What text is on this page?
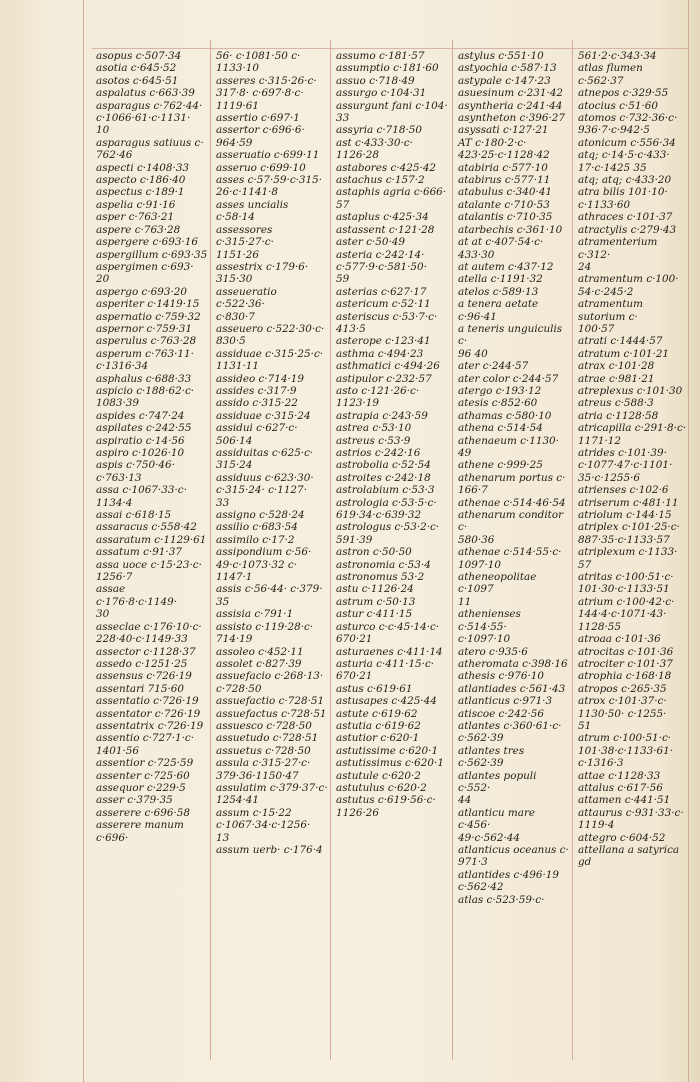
asopus c·507·34

asotia c·645·52

asotos c·645·51

aspalatus c·663·39

asparagus c·762·44·

c·1066·61·c·1131·

10

asparagus satiuus c·

762·46

aspecti c·1408·33

aspecto c·186·40

aspectus c·189·1

aspelia c·91·16

asper c·763·21

aspere c·763·28

aspergere c·693·16

aspergillum c·693·35

aspergimen c·693·

20

aspergo c·693·20

asperiter c·1419·15

aspernatio c·759·32

aspernor c·759·31

asperulus c·763·28

asperum c·763·11·

c·1316·34

asphalus c·688·33

aspicio c·188·62·c·

1083·39

aspides c·747·24

aspilates c·242·55

aspiratio c·14·56

aspiro c·1026·10

aspis c·750·46·

c·763·13

assa c·1067·33·c·

1134·4

assai c·618·15

assaracus c·558·42

assaratum c·1129·61

assatum c·91·37

assa uoce c·15·23·c·

1256·7

assae c·176·8·c·1149·

30

asseclae c·176·10·c·

228·40·c·1149·33

assector c·1128·37

assedo c·1251·25

assensus c·726·19

assentari 715·60

assentatio c·726·19

assentator c·726·19

assentatrix c·726·19

assentio c·727·1·c·

1401·56

assentior c·725·59

assenter c·725·60

assequor c·229·5

asser c·379·35

asserere c·696·58

asserere manum c·696·

56· c·1081·50 c·

1133·10

asseres c·315·26·c·

317·8· c·697·8·c·

1119·61

assertio c·697·1

assertor c·696·6·

964·59

asseruatio c·699·11

asseruo c·699·10

asses c·57·59·c·315·

26·c·1141·8

asses uncialis c·58·14

assessores c·315·27·c·

1151·26

assestrix c·179·6·

315·30

asseueratio c·522·36·

c·830·7

asseuero c·522·30·c·

830·5

assiduae c·315·25·c·

1131·11

assideo c·714·19

assides c·317·9

assido c·315·22

assiduae c·315·24

assidui c·627·c·

506·14

assiduitas c·625·c·

315·24

assiduus c·623·30·

c·315·24· c·1127·

33

assigno c·528·24

assilio c·683·54

assimilo c·17·2

assipondium c·56·

49·c·1073·32 c·

1147·1

assis c·56·44· c·379·

35

assisia c·791·1

assisto c·119·28·c·

714·19

assoleo c·452·11

assolet c·827·39

assuefacio c·268·13·

c·728·50

assuefactio c·728·51

assuefactus c·728·51

assuesco c·728·50

assuetudo c·728·51

assuetus c·728·50

assula c·315·27·c·

379·36·1150·47

assulatim c·379·37·c·

1254·41

assum c·15·22

c·1067·34·c·1256·

13

assum uerb· c·176·4

assumo c·181·57

assumptio c·181·60

assuo c·718·49

assurgo c·104·31

assurgunt fani c·104·

33

assyria c·718·50

ast c·433·30·c·

1126·28

astabores c·425·42

astachus c·157·2

astaphis agria c·666·

57

astaplus c·425·34

astassent c·121·28

aster c·50·49

asteria c·242·14·

c·577·9·c·581·50·

59

asterias c·627·17

astericum c·52·11

asteriscus c·53·7·c·

413·5

asterope c·123·41

asthma c·494·23

asthmatici c·494·26

astipulor c·232·57

asto c·121·26·c·

1123·19

astrapia c·243·59

astrea c·53·10

astreus c·53·9

astrios c·242·16

astrobolia c·52·54

astroites c·242·18

astrolabium c·53·3

astrologia c·53·5·c·

619·34·c·639·32

astrologus c·53·2·c·

591·39

astron c·50·50

astronomia c·53·4

astronomus 53·2

astu c·1126·24

astrum c·50·13

astur c·411·15

asturco c·c·45·14·c·

670·21

asturaenes c·411·14

asturia c·411·15·c·

670·21

astus c·619·61

astusapes c·425·44

astute c·619·62

astutia c·619·62

astutior c·620·1

astutissime c·620·1

astutissimus c·620·1

astutule c·620·2

astutulus c·620·2

astutus c·619·56·c·

1126·26

astylus c·551·10

astyochia c·587·13

astypale c·147·23

asuesinum c·231·42

asyntheria c·241·44

asyntheton c·396·27

asyssati c·127·21

AT c·180·2·c·

423·25·c·1128·42

atabiria c·577·10

atabirus c·577·11

atabulus c·340·41

atalante c·710·53

atalantis c·710·35

atarbechis c·361·10

at at c·407·54·c·

433·30

at autem c·437·12

atella c·1191·32

atelos c·589·13

a tenera aetate c·96·41

a teneris unguiculis c·

96 40

ater c·244·57

ater color c·244·57

atergo c·193·12

atesis c·852·60

athamas c·580·10

athena c·514·54

athenaeum c·1130·

49

athene c·999·25

athenarum portus c·

166·7

athenae c·514·46·54

athenarum conditor c·

580·36

athenae c·514·55·c·

1097·10

atheneopolitae c·1097

11

athenienses c·514·55·

c·1097·10

atero c·935·6

atheromata c·398·16

athesis c·976·10

atlantiades c·561·43

atlanticus c·971·3

atiscoe c·242·56

atlantes c·360·61·c·

c·562·39

atlantes tres c·562·39

atlantes populi c·552·

44

atlanticu mare c·456·

49·c·562·44

atlanticus oceanus c·

971·3

atlantides c·496·19

c·562·42

atlas c·523·59·c·

561·2·c·343·34

atlas flumen c·562·37

atnepos c·329·55

atocius c·51·60

atomos c·732·36·c·

936·7·c·942·5

atonicum c·556·34

atq; c·14·5·c·433·

17·c·1425 35

atq; atq; c·433·20

atra bilis 101·10·

c·1133·60

athraces c·101·37

atractylis c·279·43

atramenterium c·312·

24

atramentum c·100·

54·c·245·2

atramentum sutorium c·

100·57

atrati c·1444·57

atratum c·101·21

atrax c·101·28

atrae c·981·21

atreplexus c·101·30

atreus c·588·3

atria c·1128·58

atricapilla c·291·8·c·

1171·12

atrides c·101·39·

c·1077·47·c·1101·

35·c·1255·6

atrienses c·102·6

atriserum c·481·11

atriolum c·144·15

atriplex c·101·25·c·

887·35·c·1133·57

atriplexum c·1133·

57

atritas c·100·51·c·

101·30·c·1133·51

atrium c·100·42·c·

144·4·c·1071·43·

1128·55

atroaa c·101·36

atrocitas c·101·36

atrociter c·101·37

atrophia c·168·18

atropos c·265·35

atrox c·101·37·c·

1130·50· c·1255·

51

atrum c·100·51·c·

101·38·c·1133·61·

c·1316·3

attae c·1128·33

attalus c·617·56

attamen c·441·51

attaurus c·931·33·c·

1119·4

attegro c·604·52

attellana a satyrica gd
